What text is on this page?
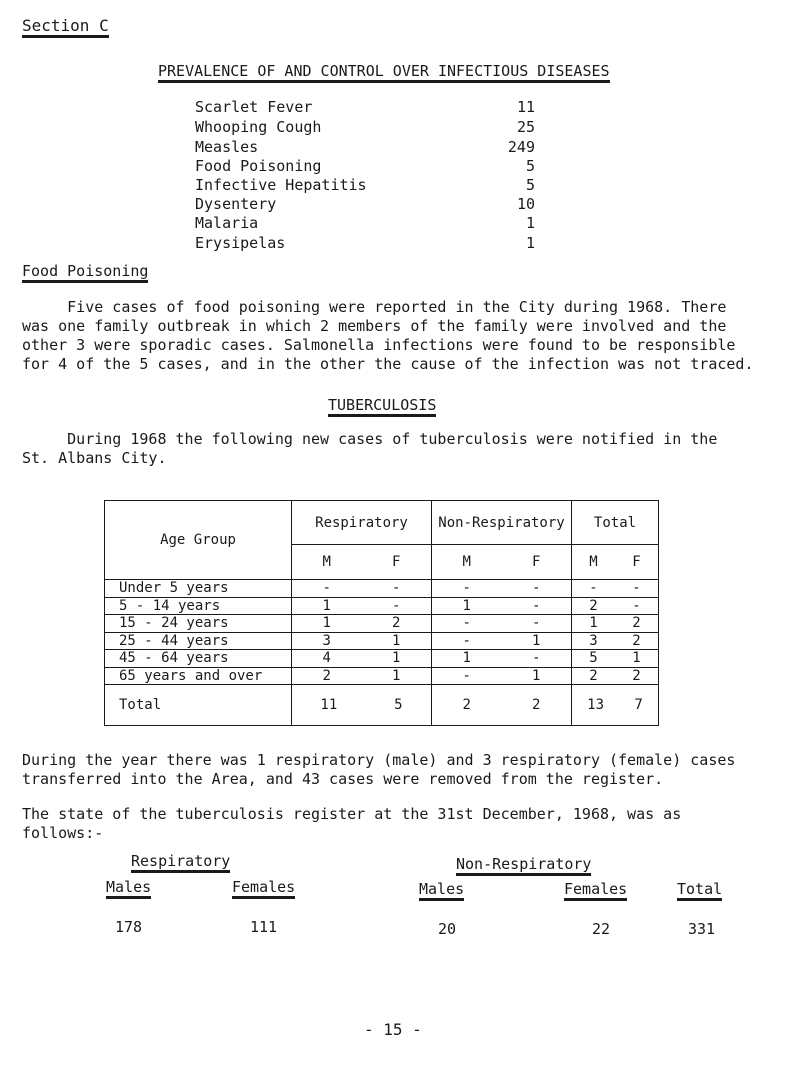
Section C
PREVALENCE OF AND CONTROL OVER INFECTIOUS DISEASES
Scarlet Fever	11
Whooping Cough	25
Measles	249
Food Poisoning	5
Infective Hepatitis	5
Dysentery	10
Malaria	1
Erysipelas	1
Food Poisoning
Five cases of food poisoning were reported in the City during 1968. There
was one family outbreak in which 2 members of the family were involved and the
other 3 were sporadic cases. Salmonella infections were found to be responsible
for 4 of the 5 cases, and in the other the cause of the infection was not traced.
TUBERCULOSIS
During 1968 the following new cases of tuberculosis were notified in the
St. Albans City.
Age Group	Respiratory	Non-Respiratory	Total

	M F	M F	M F

Under 5 years	- -	- -	- -

5 - 14 years	1 -	1 -	2 -

15 - 24 years	1 2	- -	1 2

25 - 44 years	3 1	- 1	3 2

45 - 64 years	4 1	1 -	5 1

65 years and over	2 1	- 1	2 2

Total	11 5	2 2	13 7
During the year there was 1 respiratory (male) and 3 respiratory (female) cases
transferred into the Area, and 43 cases were removed from the register.
The state of the tuberculosis register at the 31st December, 1968, was as
follows:-
Respiratory	Non-Respiratory
Males	Females	Males	Females	Total
178	111	20	22	331
- 15 -
